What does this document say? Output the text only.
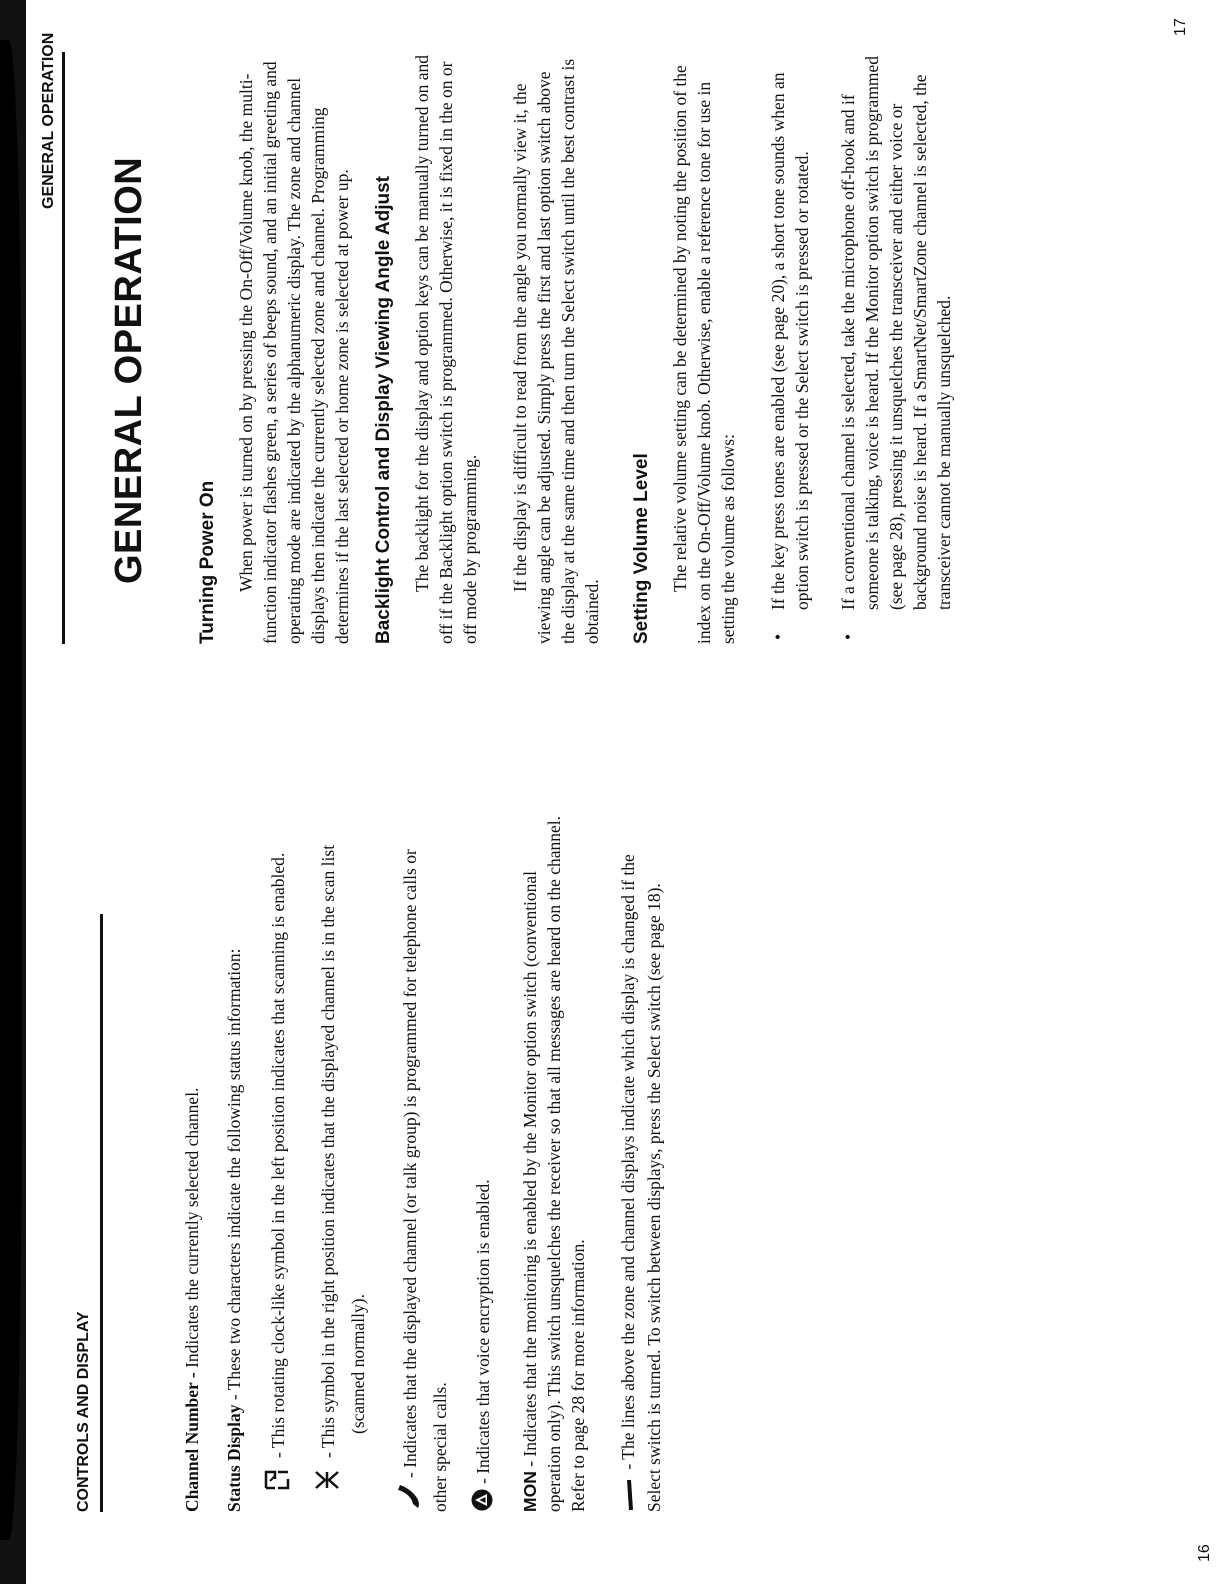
CONTROLS AND DISPLAY	Channel Number - Indicates the currently selected channel.

Status Display - These two characters indicate the following status information: - This rotating clock-like symbol in the left position indicates that scanning is enabled.	- This symbol in the right position indicates that the displayed channel is in the scan list (scanned normally). - Indicates that the displayed channel (or talk group) is programmed for telephone calls or other special calls. - Indicates that voice encryption is enabled.

MON - Indicates that the monitoring is enabled by the Monitor option switch (conventional operation only). This switch unsquelches the receiver so that all messages are heard on the channel. Refer to page 28 for more information. - The lines above the zone and channel displays indicate which display is changed if the Select switch is turned. To switch between displays, press the Select switch (see page 18).

16
GENERAL OPERATION
GENERAL OPERATION Turning Power On When power is turned on by pressing the On-Off/Volume knob, the multi-function indicator flashes green, a series of beeps sound, and an initial greeting and operating mode are indicated by the alphanumeric display. The zone and channel displays then indicate the currently selected zone and channel. Programming determines if the last selected or home zone is selected at power up. Backlight Control and Display Viewing Angle Adjust The backlight for the display and option keys can be manually turned on and off if the Backlight option switch is programmed. Otherwise, it is fixed in the on or off mode by programming. If the display is difficult to read from the angle you normally view it, the viewing angle can be adjusted. Simply press the first and last option switch above the display at the same time and then turn the Select switch until the best contrast is obtained. Setting Volume Level The relative volume setting can be determined by noting the position of the index on the On-Off/Volume knob. Otherwise, enable a reference tone for use in setting the volume as follows: •
If the key press tones are enabled (see page 20), a short tone sounds when an option switch is pressed or the Select switch is pressed or rotated.
•
If a conventional channel is selected, take the microphone off-hook and if someone is talking, voice is heard. If the Monitor option switch is programmed (see page 28), pressing it unsquelches the transceiver and either voice or background noise is heard. If a SmartNet/SmartZone channel is selected, the transceiver cannot be manually unsquelched.
17
